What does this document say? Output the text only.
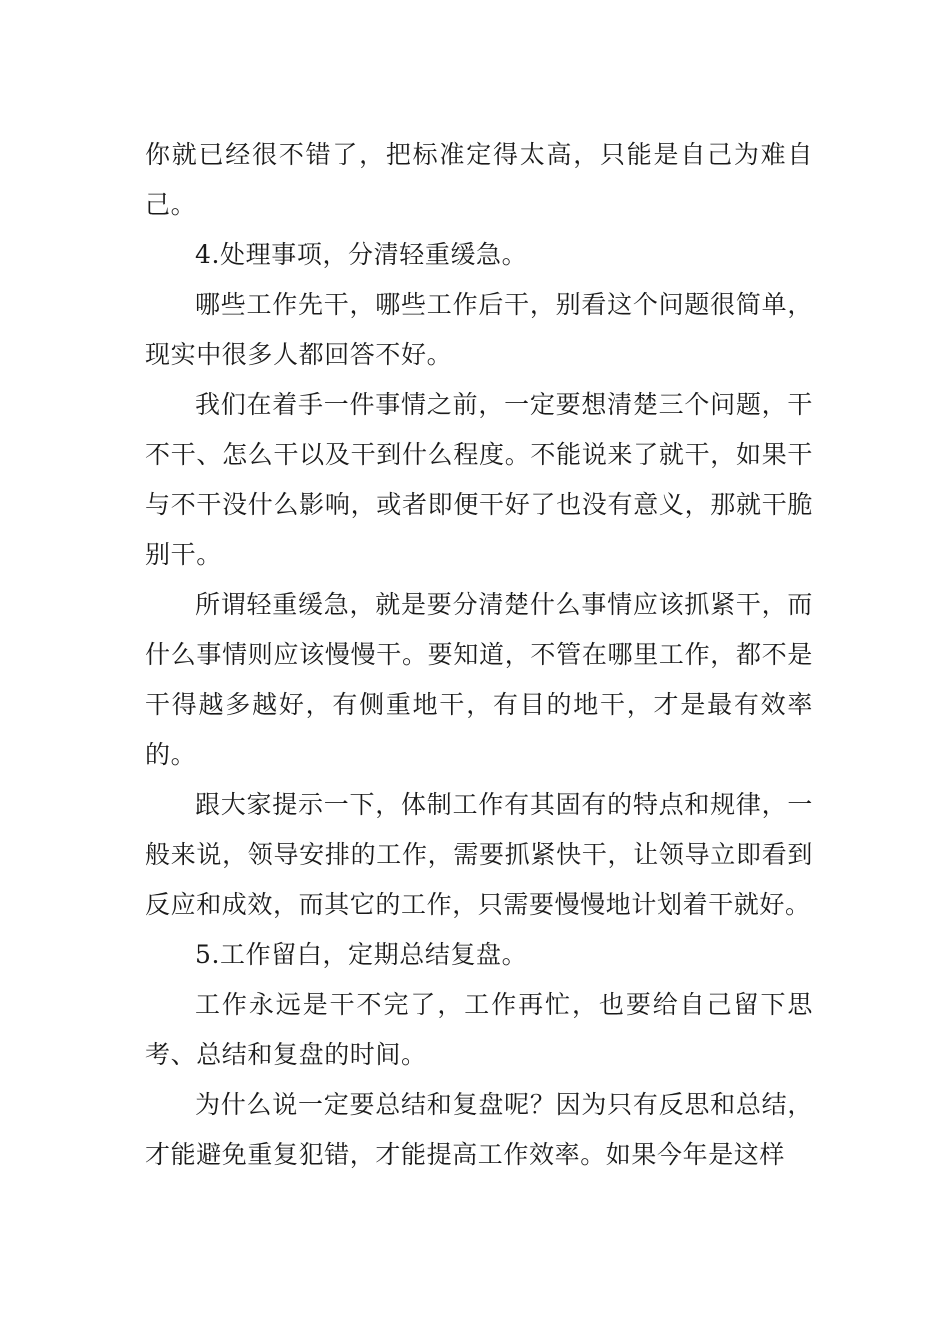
你就已经很不错了，把标准定得太高，只能是自己为难自己。

4.处理事项，分清轻重缓急。

哪些工作先干，哪些工作后干，别看这个问题很简单，现实中很多人都回答不好。

我们在着手一件事情之前，一定要想清楚三个问题，干不干、怎么干以及干到什么程度。不能说来了就干，如果干与不干没什么影响，或者即便干好了也没有意义，那就干脆别干。

所谓轻重缓急，就是要分清楚什么事情应该抓紧干，而什么事情则应该慢慢干。要知道，不管在哪里工作，都不是干得越多越好，有侧重地干，有目的地干，才是最有效率的。

跟大家提示一下，体制工作有其固有的特点和规律，一般来说，领导安排的工作，需要抓紧快干，让领导立即看到反应和成效，而其它的工作，只需要慢慢地计划着干就好。

5.工作留白，定期总结复盘。

工作永远是干不完了，工作再忙，也要给自己留下思考、总结和复盘的时间。

为什么说一定要总结和复盘呢？因为只有反思和总结，才能避免重复犯错，才能提高工作效率。如果今年是这样
